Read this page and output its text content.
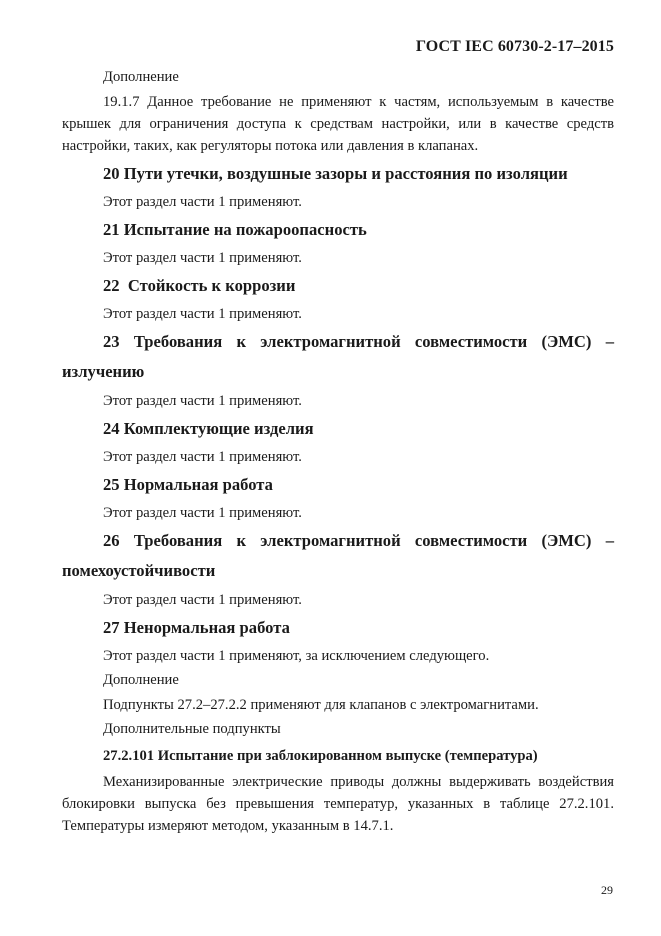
ГОСТ IEC 60730-2-17–2015

Дополнение

19.1.7 Данное требование не применяют к частям, используемым в качестве крышек для ограничения доступа к средствам настройки, или в качестве средств настройки, таких, как регуляторы потока или давления в клапанах.

20 Пути утечки, воздушные зазоры и расстояния по изоляции

Этот раздел части 1 применяют.

21 Испытание на пожароопасность

Этот раздел части 1 применяют.

22  Стойкость к коррозии

Этот раздел части 1 применяют.

23 Требования к электромагнитной совместимости (ЭМС) – излучению

Этот раздел части 1 применяют.

24 Комплектующие изделия

Этот раздел части 1 применяют.

25 Нормальная работа

Этот раздел части 1 применяют.

26 Требования к электромагнитной совместимости (ЭМС) – помехоустойчивости

Этот раздел части 1 применяют.

27 Ненормальная работа

Этот раздел части 1 применяют, за исключением следующего.

Дополнение

Подпункты 27.2–27.2.2 применяют для клапанов с электромагнитами.

Дополнительные подпункты

27.2.101 Испытание при заблокированном выпуске (температура)

Механизированные электрические приводы должны выдерживать воздействия блокировки выпуска без превышения температур, указанных в таблице 27.2.101. Температуры измеряют методом, указанным в 14.7.1.

29
